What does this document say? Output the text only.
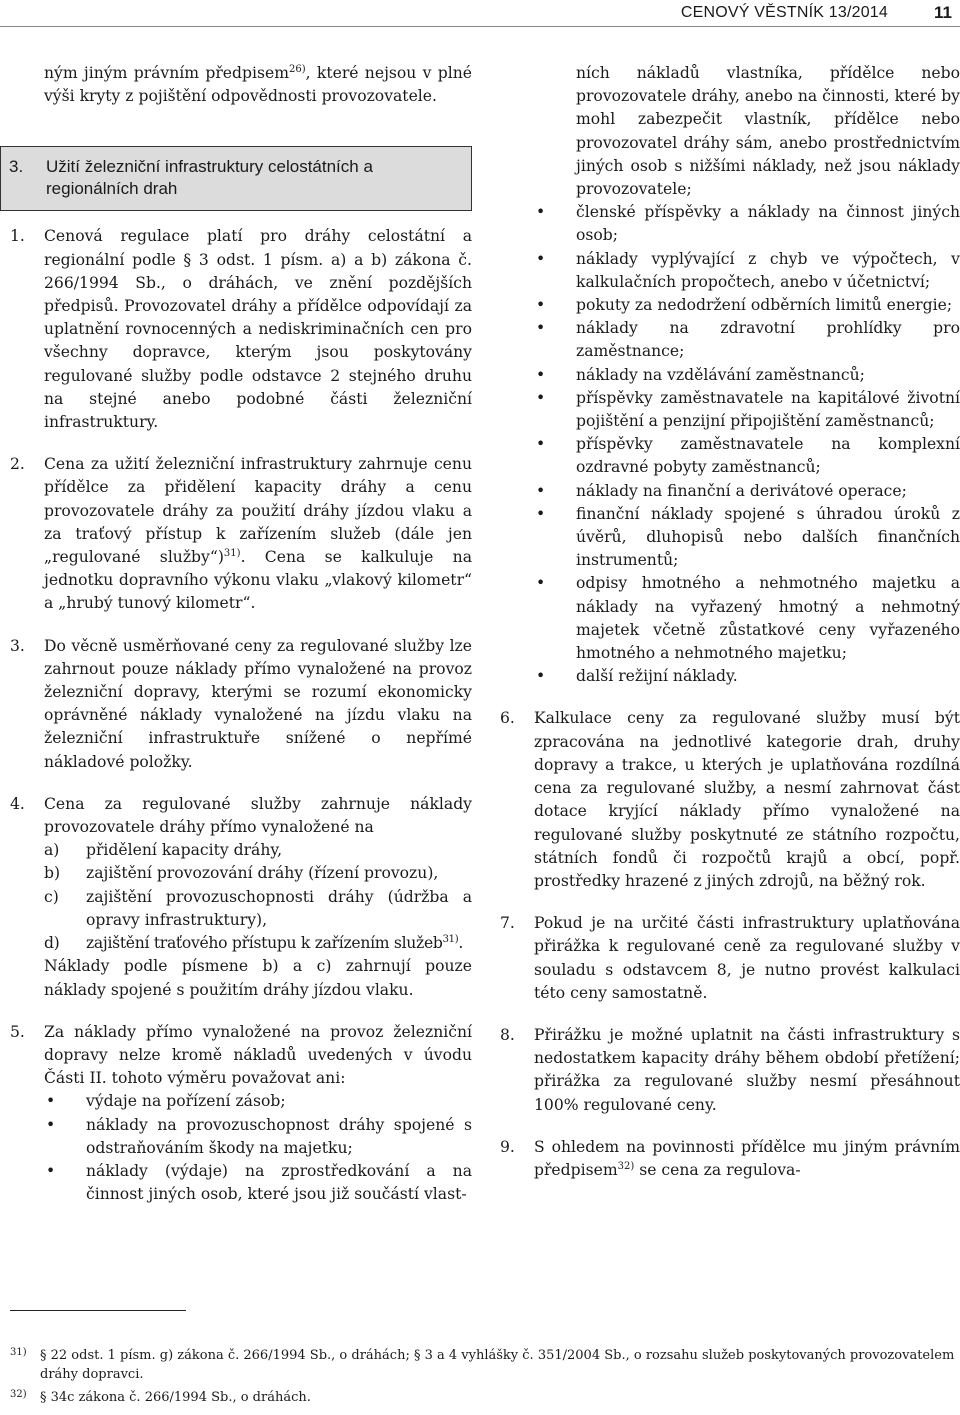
CENOVÝ VĚSTNÍK 13/2014	11

ným jiným právním předpisem$^{26)}$, které nejsou v plné výši kryty z pojištění odpovědnosti provozovatele.

3. Užití železniční infrastruktury celostátních a regionálních drah
1. Cenová regulace platí pro dráhy celostátní a regionální podle § 3 odst. 1 písm. a) a b) zákona č. 266/1994 Sb., o dráhách, ve znění pozdějších předpisů. Provozovatel dráhy a přídělce odpovídají za uplatnění rovnocenných a nediskriminačních cen pro všechny dopravce, kterým jsou poskytovány regulované služby podle odstavce 2 stejného druhu na stejné anebo podobné části železniční infrastruktury.

2. Cena za užití železniční infrastruktury zahrnuje cenu přídělce za přidělení kapacity dráhy a cenu provozovatele dráhy za použití dráhy jízdou vlaku a za traťový přístup k zařízením služeb (dále jen „regulované služby“)$^{31)}$. Cena se kalkuluje na jednotku dopravního výkonu vlaku „vlakový kilometr“ a „hrubý tunový kilometr“.

3. Do věcně usměrňované ceny za regulované služby lze zahrnout pouze náklady přímo vynaložené na provoz železniční dopravy, kterými se rozumí ekonomicky oprávněné náklady vynaložené na jízdu vlaku na železniční infrastruktuře snížené o nepřímé nákladové položky.

4. Cena za regulované služby zahrnuje náklady provozovatele dráhy přímo vynaložené na

a) přidělení kapacity dráhy,
b) zajištění provozování dráhy (řízení provozu),
c) zajištění provozuschopnosti dráhy (údržba a opravy infrastruktury),
d) zajištění traťového přístupu k zařízením služeb$^{31)}$.

Náklady podle písmene b) a c) zahrnují pouze náklady spojené s použitím dráhy jízdou vlaku.

5. Za náklady přímo vynaložené na provoz železniční dopravy nelze kromě nákladů uvedených v úvodu Části II. tohoto výměru považovat ani:

• výdaje na pořízení zásob;
• náklady na provozuschopnost dráhy spojené s odstraňováním škody na majetku;
• náklady (výdaje) na zprostředkování a na činnost jiných osob, které jsou již součástí vlast-

ních nákladů vlastníka, přídělce nebo provozovatele dráhy, anebo na činnosti, které by mohl zabezpečit vlastník, přídělce nebo provozovatel dráhy sám, anebo prostřednictvím jiných osob s nižšími náklady, než jsou náklady provozovatele;

• členské příspěvky a náklady na činnost jiných osob;
• náklady vyplývající z chyb ve výpočtech, v kalkulačních propočtech, anebo v účetnictví;
• pokuty za nedodržení odběrních limitů energie;
• náklady na zdravotní prohlídky pro zaměstnance;
• náklady na vzdělávání zaměstnanců;
• příspěvky zaměstnavatele na kapitálové životní pojištění a penzijní připojištění zaměstnanců;
• příspěvky zaměstnavatele na komplexní ozdravné pobyty zaměstnanců;
• náklady na finanční a derivátové operace;
• finanční náklady spojené s úhradou úroků z úvěrů, dluhopisů nebo dalších finančních instrumentů;
• odpisy hmotného a nehmotného majetku a náklady na vyřazený hmotný a nehmotný majetek včetně zůstatkové ceny vyřazeného hmotného a nehmotného majetku;
• další režijní náklady.
6. Kalkulace ceny za regulované služby musí být zpracována na jednotlivé kategorie drah, druhy dopravy a trakce, u kterých je uplatňována rozdílná cena za regulované služby, a nesmí zahrnovat část dotace kryjící náklady přímo vynaložené na regulované služby poskytnuté ze státního rozpočtu, státních fondů či rozpočtů krajů a obcí, popř. prostředky hrazené z jiných zdrojů, na běžný rok.

7. Pokud je na určité části infrastruktury uplatňována přirážka k regulované ceně za regulované služby v souladu s odstavcem 8, je nutno provést kalkulaci této ceny samostatně.

8. Přirážku je možné uplatnit na části infrastruktury s nedostatkem kapacity dráhy během období přetížení; přirážka za regulované služby nesmí přesáhnout 100% regulované ceny.

9. S ohledem na povinnosti přídělce mu jiným právním předpisem$^{32)}$ se cena za regulova-

31) § 22 odst. 1 písm. g) zákona č. 266/1994 Sb., o dráhách; § 3 a 4 vyhlášky č. 351/2004 Sb., o rozsahu služeb poskytovaných provozovatelem dráhy dopravci.
32) § 34c zákona č. 266/1994 Sb., o dráhách.
